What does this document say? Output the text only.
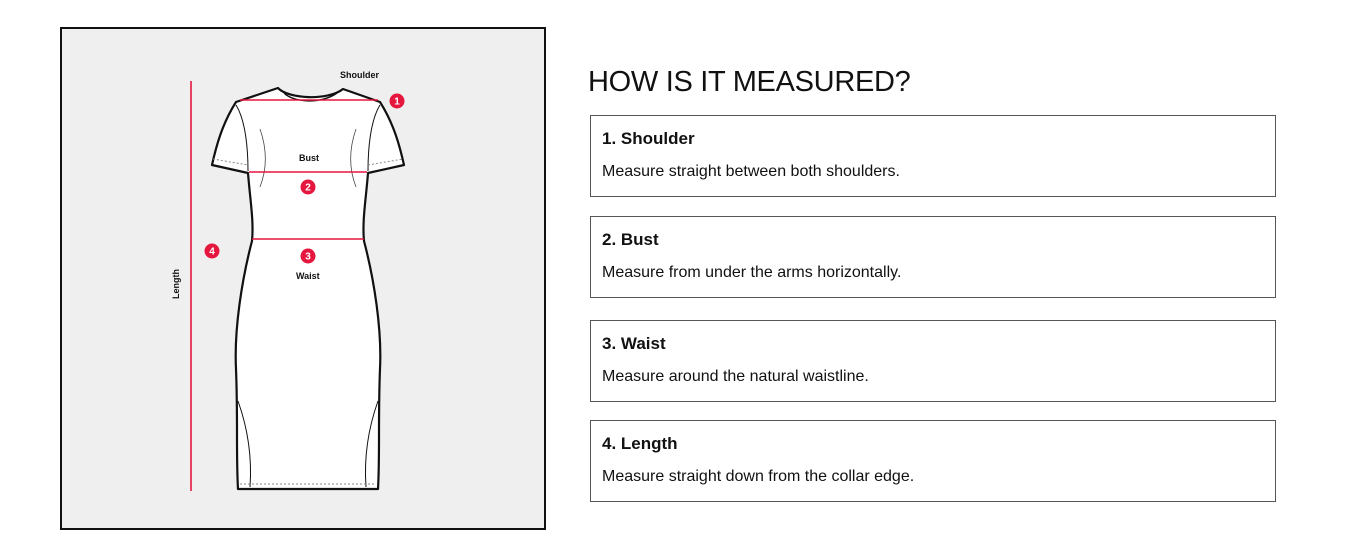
Shoulder
Bust
Waist
Length
1
2
3
4
HOW IS IT MEASURED?
1. Shoulder
Measure straight between both shoulders.
2. Bust
Measure from under the arms horizontally.
3. Waist
Measure around the natural waistline.
4. Length
Measure straight down from the collar edge.
